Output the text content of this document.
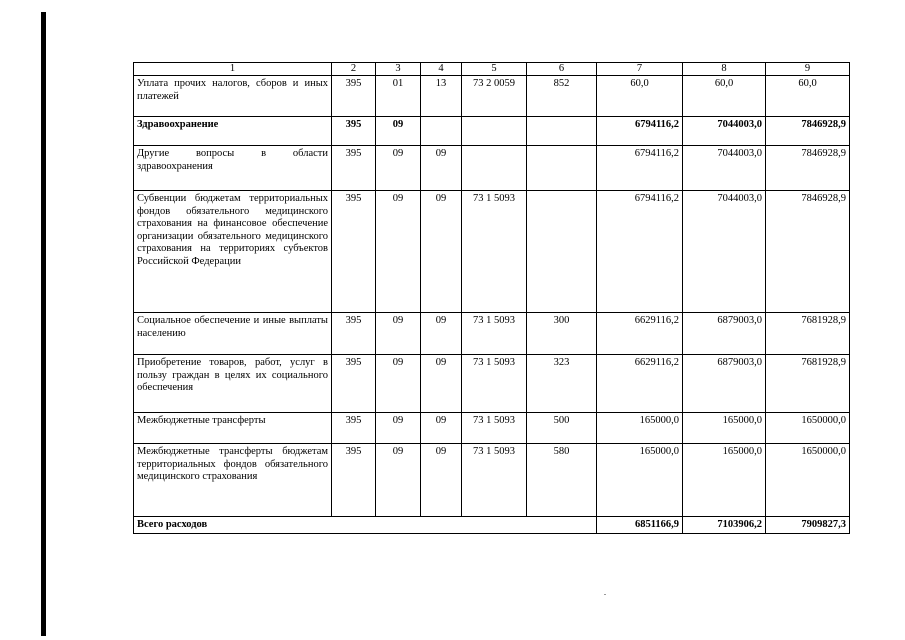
1	2	3	4	5	6	7	8	9
Уплата прочих налогов, сборов и иных платежей	395	01	13	73 2 0059	852	60,0	60,0	60,0
Здравоохранение	395	09				6794116,2	7044003,0	7846928,9
Другие вопросы в области здравоохранения	395	09	09			6794116,2	7044003,0	7846928,9
Субвенции бюджетам территориальных фондов обязательного медицинского страхования на финансовое обеспечение организации обязательного медицинского страхования на территориях субъектов Российской Федерации	395	09	09	73 1 5093		6794116,2	7044003,0	7846928,9
Социальное обеспечение и иные выплаты населению	395	09	09	73 1 5093	300	6629116,2	6879003,0	7681928,9
Приобретение товаров, работ, услуг в пользу граждан в целях их социального обеспечения	395	09	09	73 1 5093	323	6629116,2	6879003,0	7681928,9
Межбюджетные трансферты	395	09	09	73 1 5093	500	165000,0	165000,0	1650000,0
Межбюджетные трансферты бюджетам территориальных фондов обязательного медицинского страхования	395	09	09	73 1 5093	580	165000,0	165000,0	1650000,0
Всего расходов						6851166,9	7103906,2	7909827,3
